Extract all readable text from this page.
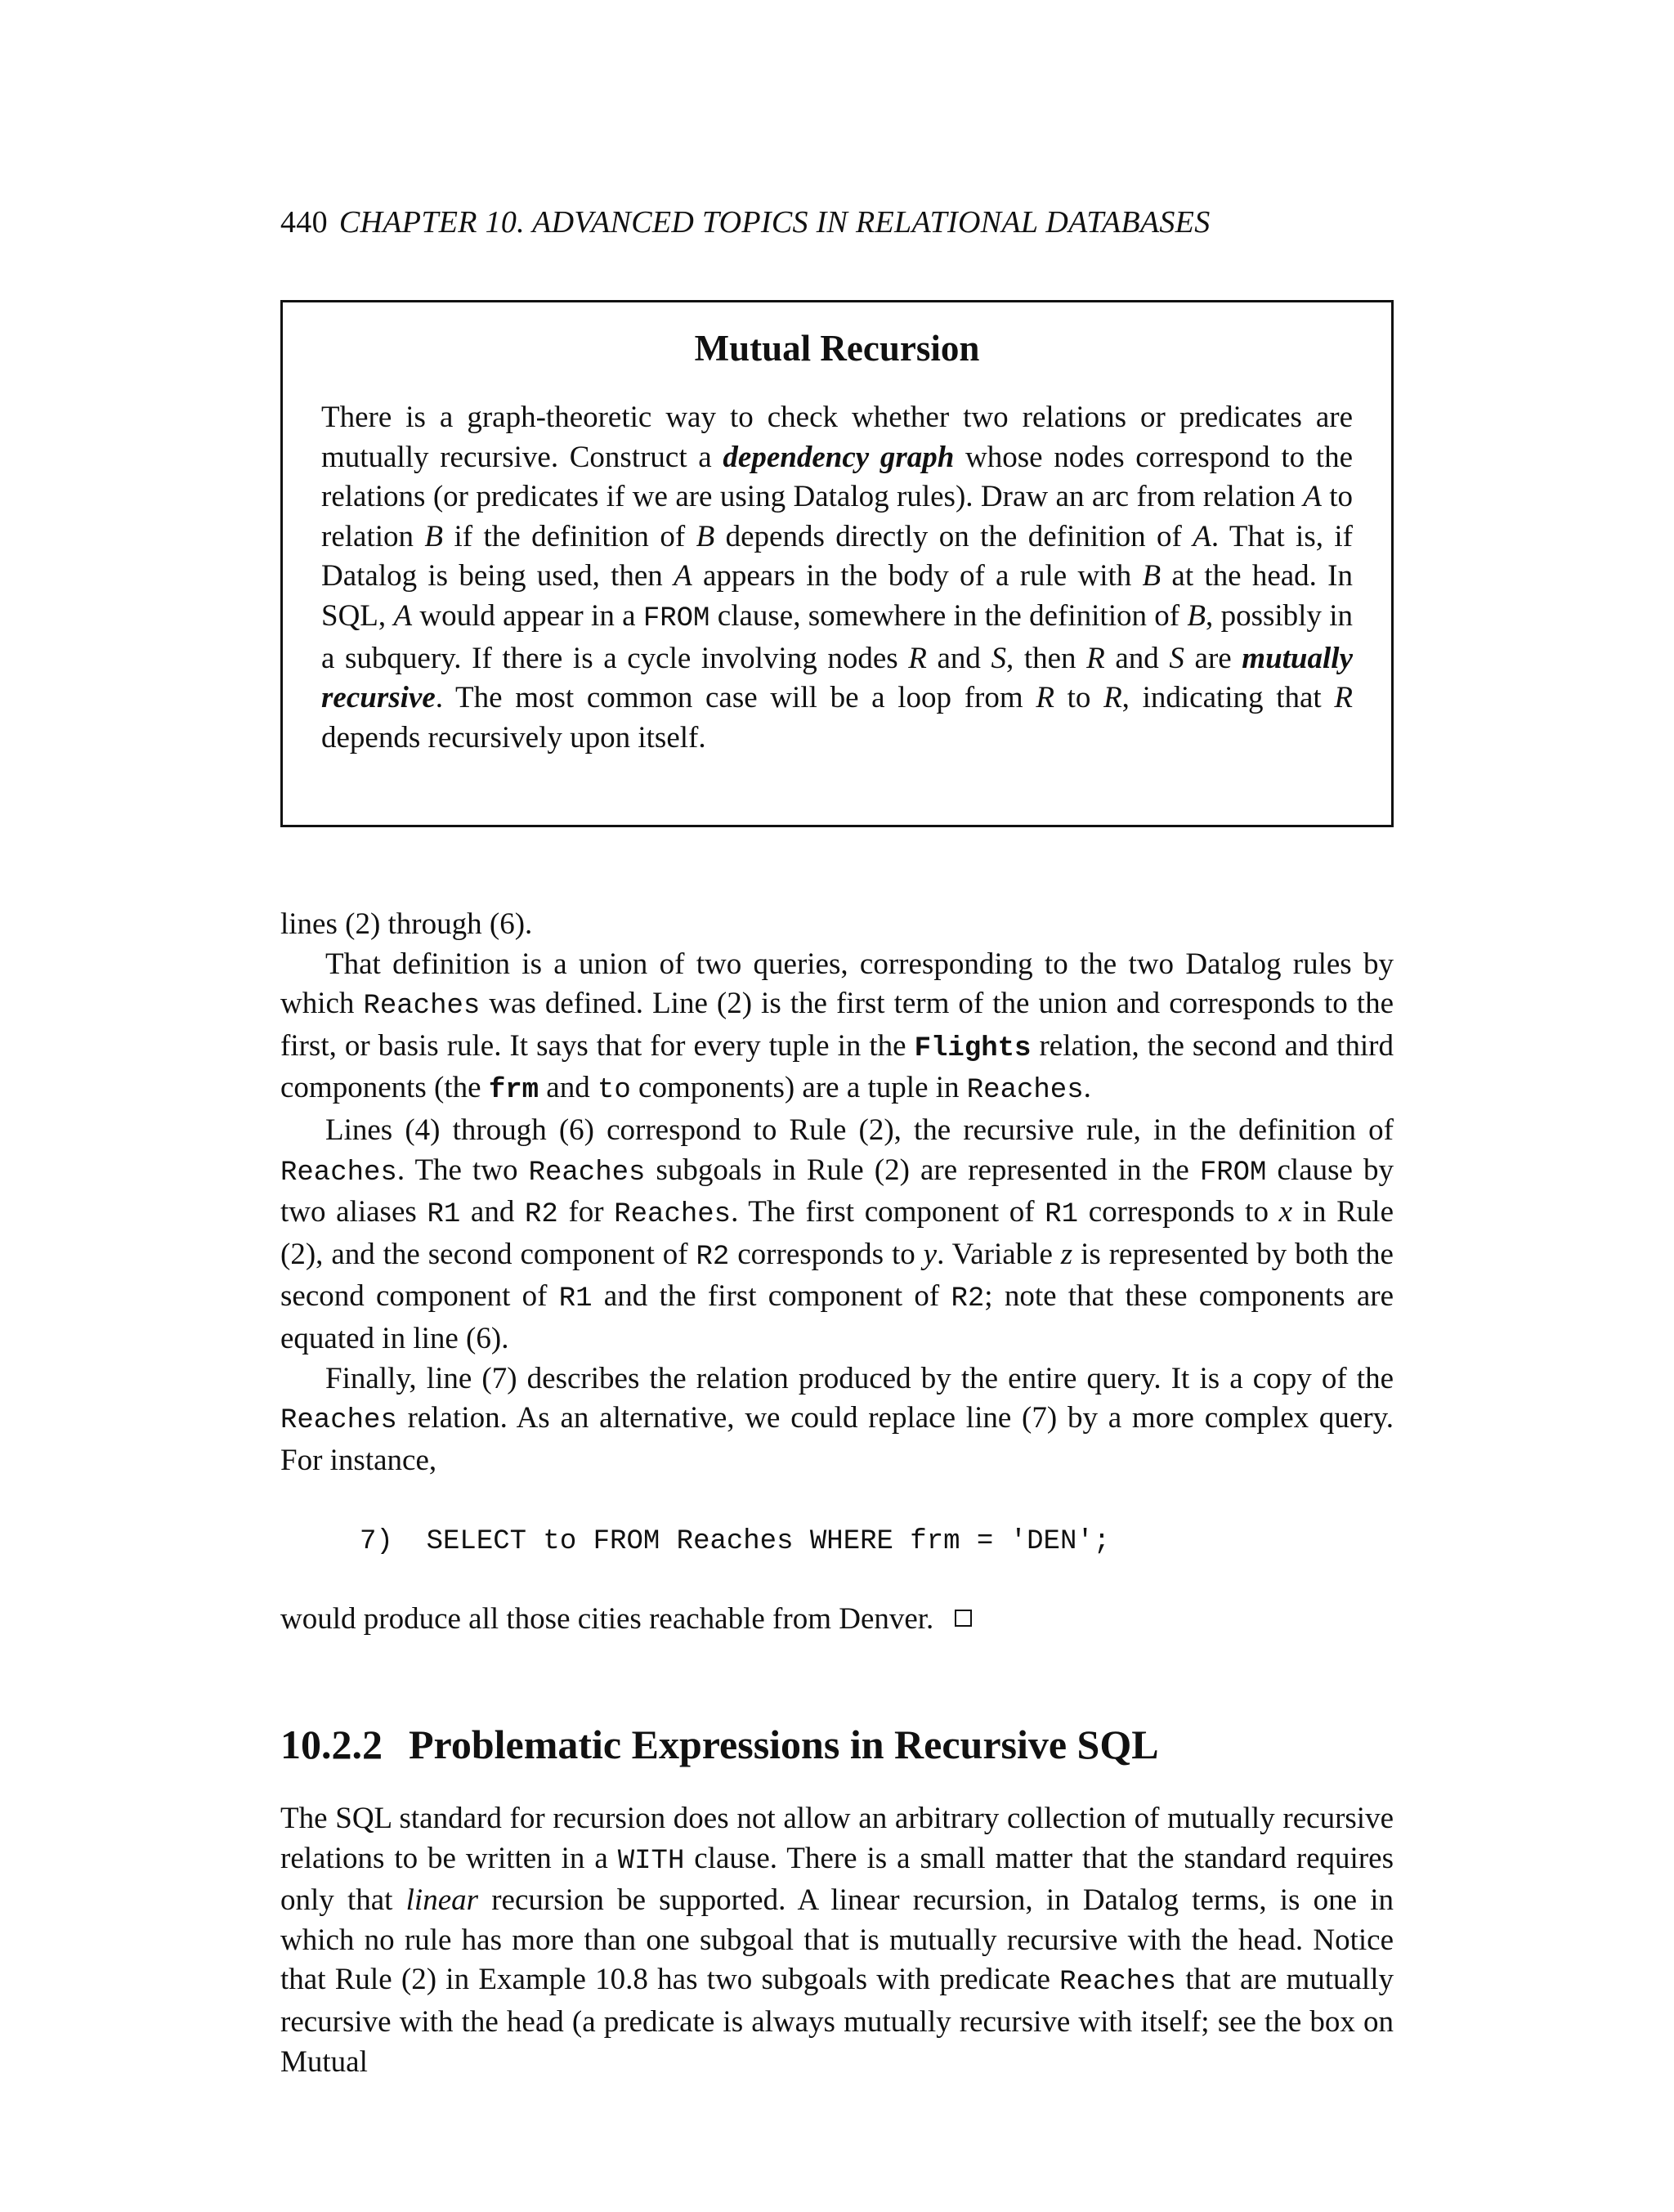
440 CHAPTER 10. ADVANCED TOPICS IN RELATIONAL DATABASES
Mutual Recursion

There is a graph-theoretic way to check whether two relations or predicates are mutually recursive. Construct a dependency graph whose nodes correspond to the relations (or predicates if we are using Datalog rules). Draw an arc from relation A to relation B if the definition of B depends directly on the definition of A. That is, if Datalog is being used, then A appears in the body of a rule with B at the head. In SQL, A would appear in a FROM clause, somewhere in the definition of B, possibly in a subquery. If there is a cycle involving nodes R and S, then R and S are mutually recursive. The most common case will be a loop from R to R, indicating that R depends recursively upon itself.

lines (2) through (6).

That definition is a union of two queries, corresponding to the two Datalog rules by which Reaches was defined. Line (2) is the first term of the union and corresponds to the first, or basis rule. It says that for every tuple in the Flights relation, the second and third components (the frm and to components) are a tuple in Reaches.

Lines (4) through (6) correspond to Rule (2), the recursive rule, in the definition of Reaches. The two Reaches subgoals in Rule (2) are represented in the FROM clause by two aliases R1 and R2 for Reaches. The first component of R1 corresponds to x in Rule (2), and the second component of R2 corresponds to y. Variable z is represented by both the second component of R1 and the first component of R2; note that these components are equated in line (6).

Finally, line (7) describes the relation produced by the entire query. It is a copy of the Reaches relation. As an alternative, we could replace line (7) by a more complex query. For instance,

7)  SELECT to FROM Reaches WHERE frm = 'DEN';

would produce all those cities reachable from Denver.

10.2.2 Problematic Expressions in Recursive SQL

The SQL standard for recursion does not allow an arbitrary collection of mutually recursive relations to be written in a WITH clause. There is a small matter that the standard requires only that linear recursion be supported. A linear recursion, in Datalog terms, is one in which no rule has more than one subgoal that is mutually recursive with the head. Notice that Rule (2) in Example 10.8 has two subgoals with predicate Reaches that are mutually recursive with the head (a predicate is always mutually recursive with itself; see the box on Mutual
